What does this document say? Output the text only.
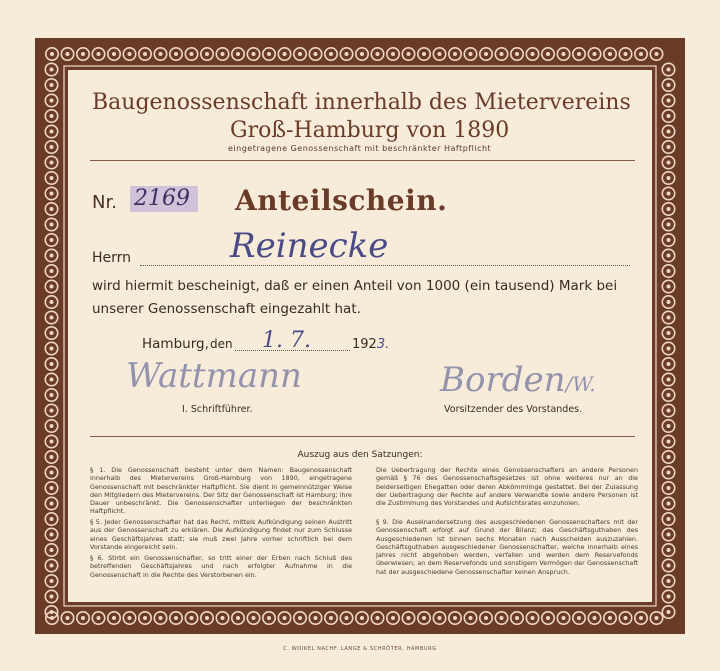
Baugenossenschaft innerhalb des Mietervereins
Groß-Hamburg von 1890
eingetragene Genossenschaft mit beschränkter Haftpflicht
Nr. 2169 Anteilschein.
Herrn	Reinecke
wird hiermit bescheinigt, daß er einen Anteil von 1000 (ein tausend) Mark bei
unserer Genossenschaft eingezahlt hat.
Hamburg, den 1. 7.	1923.
Wattmann	Borden/W.
I. Schriftführer.	Vorsitzender des Vorstandes.
Auszug aus den Satzungen:
§ 1. Die Genossenschaft besteht unter dem Namen: Baugenossenschaft innerhalb des Mietervereins Groß-Hamburg von 1890, eingetragene Genossenschaft mit beschränkter Haftpflicht. Sie dient in gemeinnütziger Weise den Mitgliedern des Mietervereins. Der Sitz der Genossenschaft ist Hamburg; ihre Dauer unbeschränkt. Die Genossenschafter unterliegen der beschränkten Haftpflicht.
§ 5. Jeder Genossenschafter hat das Recht, mittels Aufkündigung seinen Austritt aus der Genossenschaft zu erklären. Die Aufkündigung findet nur zum Schlusse eines Geschäftsjahres statt; sie muß zwei Jahre vorher schriftlich bei dem Vorstande eingereicht sein.
§ 6. Stirbt ein Genossenschafter, so tritt einer der Erben nach Schluß des betreffenden Geschäftsjahres und nach erfolgter Aufnahme in die Genossenschaft in die Rechte des Verstorbenen ein.
Die Uebertragung der Rechte eines Genossenschafters an andere Personen gemäß § 76 des Genossenschaftsgesetzes ist ohne weiteres nur an die beiderseitigen Ehegatten oder deren Abkömmlinge gestattet. Bei der Zulassung der Uebertragung der Rechte auf andere Verwandte sowie andere Personen ist die Zustimmung des Vorstandes und Aufsichtsrates einzuholen.
§ 9. Die Auseinandersetzung des ausgeschiedenen Genossenschafters mit der Genossenschaft erfolgt auf Grund der Bilanz; das Geschäftsguthaben des Ausgeschiedenen ist binnen sechs Monaten nach Ausscheiden auszuzahlen. Geschäftsguthaben ausgeschiedener Genossenschafter, welche innerhalb eines Jahres nicht abgehoben werden, verfallen und werden dem Reservefonds überwiesen; an dem Reservefonds und sonstigem Vermögen der Genossenschaft hat der ausgeschiedene Genossenschafter keinen Anspruch.
C. WOIKEL NACHF. LANGE & SCHRÖTER, HAMBURG
